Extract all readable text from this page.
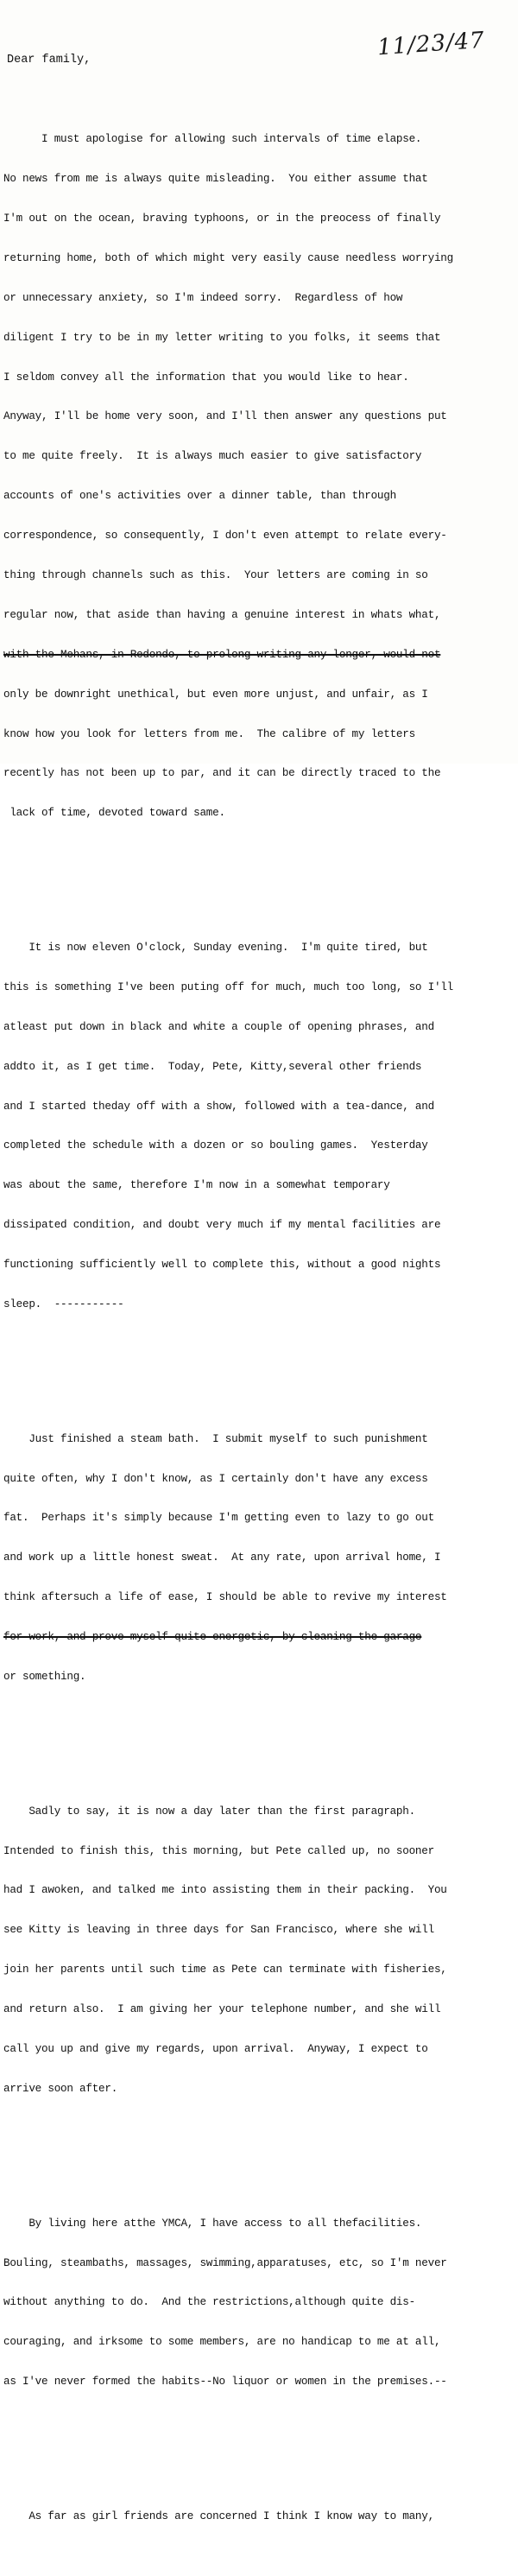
11/23/47
Dear family,

I must apologise for allowing such intervals of time elapse.

No news from me is always quite misleading.  You either assume that

I'm out on the ocean, braving typhoons, or in the preocess of finally

returning home, both of which might very easily cause needless worrying

or unnecessary anxiety, so I'm indeed sorry.  Regardless of how

diligent I try to be in my letter writing to you folks, it seems that

I seldom convey all the information that you would like to hear.

Anyway, I'll be home very soon, and I'll then answer any questions put

to me quite freely.  It is always much easier to give satisfactory

accounts of one's activities over a dinner table, than through

correspondence, so consequently, I don't even attempt to relate every-

thing through channels such as this.  Your letters are coming in so

regular now, that aside than having a genuine interest in whats what,

with the Mehans, in Redondo, to prolong writing any longer, would not

only be downright unethical, but even more unjust, and unfair, as I

know how you look for letters from me.  The calibre of my letters

recently has not been up to par, and it can be directly traced to the

lack of time, devoted toward same.

It is now eleven O'clock, Sunday evening.  I'm quite tired, but

this is something I've been puting off for much, much too long, so I'll

atleast put down in black and white a couple of opening phrases, and

addto it, as I get time.  Today, Pete, Kitty,several other friends

and I started theday off with a show, followed with a tea-dance, and

completed the schedule with a dozen or so bouling games.  Yesterday

was about the same, therefore I'm now in a somewhat temporary

dissipated condition, and doubt very much if my mental facilities are

functioning sufficiently well to complete this, without a good nights

sleep.  -----------

Just finished a steam bath.  I submit myself to such punishment

quite often, why I don't know, as I certainly don't have any excess

fat.  Perhaps it's simply because I'm getting even to lazy to go out

and work up a little honest sweat.  At any rate, upon arrival home, I

think aftersuch a life of ease, I should be able to revive my interest

for work, and prove myself quite energetic, by cleaning the garage

or something.

Sadly to say, it is now a day later than the first paragraph.

Intended to finish this, this morning, but Pete called up, no sooner

had I awoken, and talked me into assisting them in their packing.  You

see Kitty is leaving in three days for San Francisco, where she will

join her parents until such time as Pete can terminate with fisheries,

and return also.  I am giving her your telephone number, and she will

call you up and give my regards, upon arrival.  Anyway, I expect to

arrive soon after.

By living here atthe YMCA, I have access to all thefacilities.

Bouling, steambaths, massages, swimming,apparatuses, etc, so I'm never

without anything to do.  And the restrictions,although quite dis-

couraging, and irksome to some members, are no handicap to me at all,

as I've never formed the habits--No liquor or women in the premises.--

As far as girl friends are concerned I think I know way to many,
